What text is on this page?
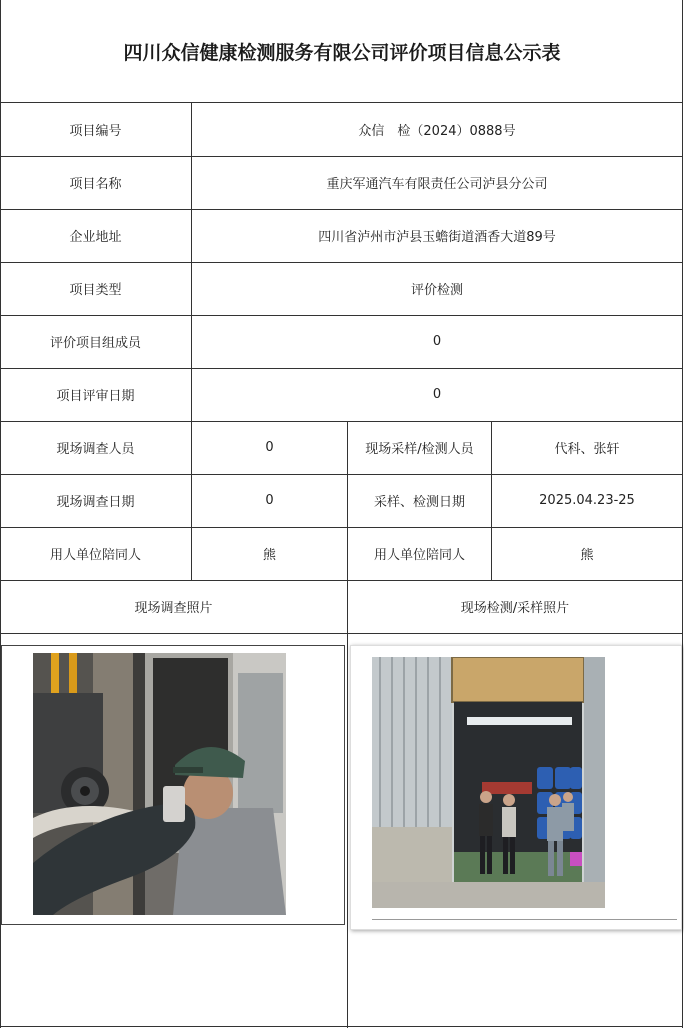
四川众信健康检测服务有限公司评价项目信息公示表
项目编号	众信　检（2024）0888号
项目名称	重庆军通汽车有限责任公司泸县分公司
企业地址	四川省泸州市泸县玉蟾街道酒香大道89号
项目类型	评价检测
评价项目组成员	0
项目评审日期	0
现场调查人员	0	现场采样/检测人员	代科、张轩
现场调查日期	0	采样、检测日期	2025.04.23-25
用人单位陪同人	熊	用人单位陪同人	熊
现场调查照片	现场检测/采样照片
